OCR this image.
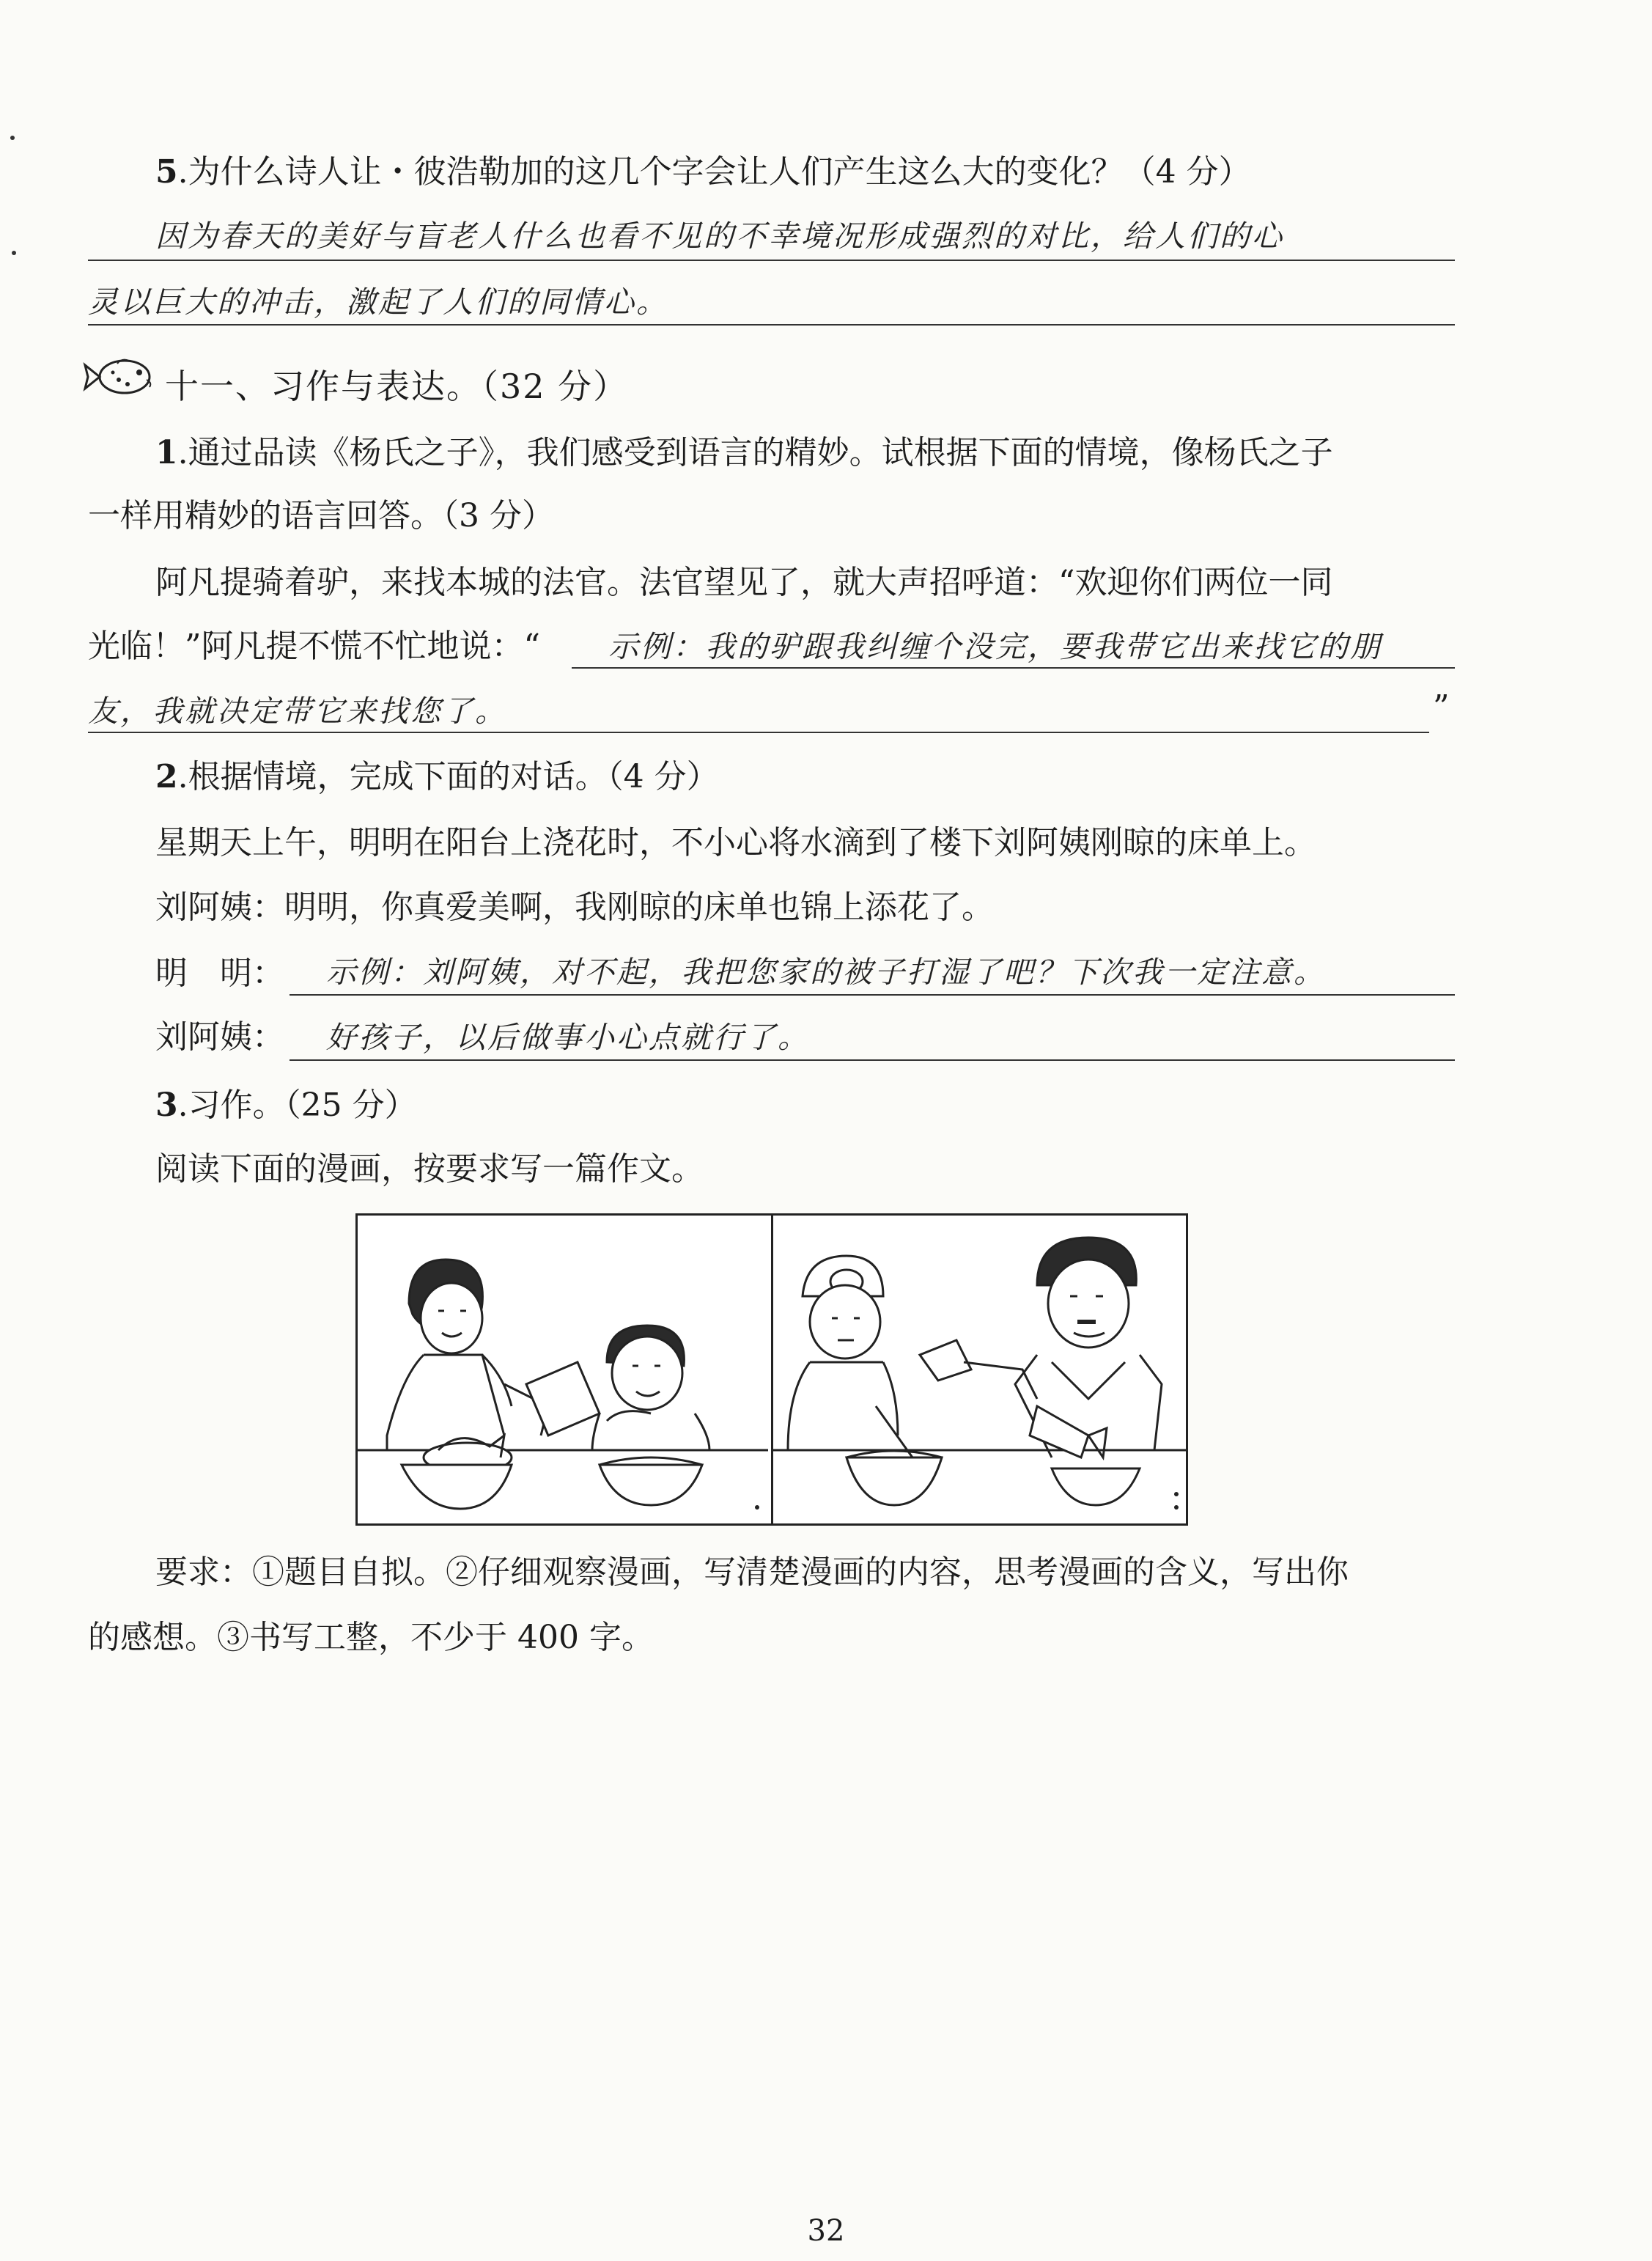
5.为什么诗人让・彼浩勒加的这几个字会让人们产生这么大的变化？（4 分）
因为春天的美好与盲老人什么也看不见的不幸境况形成强烈的对比，给人们的心
灵以巨大的冲击，激起了人们的同情心。
十一、习作与表达。（32 分）
1.通过品读《杨氏之子》，我们感受到语言的精妙。试根据下面的情境，像杨氏之子
一样用精妙的语言回答。（3 分）
阿凡提骑着驴，来找本城的法官。法官望见了，就大声招呼道：“欢迎你们两位一同
光临！”阿凡提不慌不忙地说：“ 示例：我的驴跟我纠缠个没完，要我带它出来找它的朋
友，我就决定带它来找您了。	”
2.根据情境，完成下面的对话。（4 分）
星期天上午，明明在阳台上浇花时，不小心将水滴到了楼下刘阿姨刚晾的床单上。
刘阿姨：明明，你真爱美啊，我刚晾的床单也锦上添花了。
明　明： 示例：刘阿姨，对不起，我把您家的被子打湿了吧？下次我一定注意。
刘阿姨： 好孩子，以后做事小心点就行了。
3.习作。（25 分）
阅读下面的漫画，按要求写一篇作文。
要求：①题目自拟。②仔细观察漫画，写清楚漫画的内容，思考漫画的含义，写出你
的感想。③书写工整，不少于 400 字。
32
